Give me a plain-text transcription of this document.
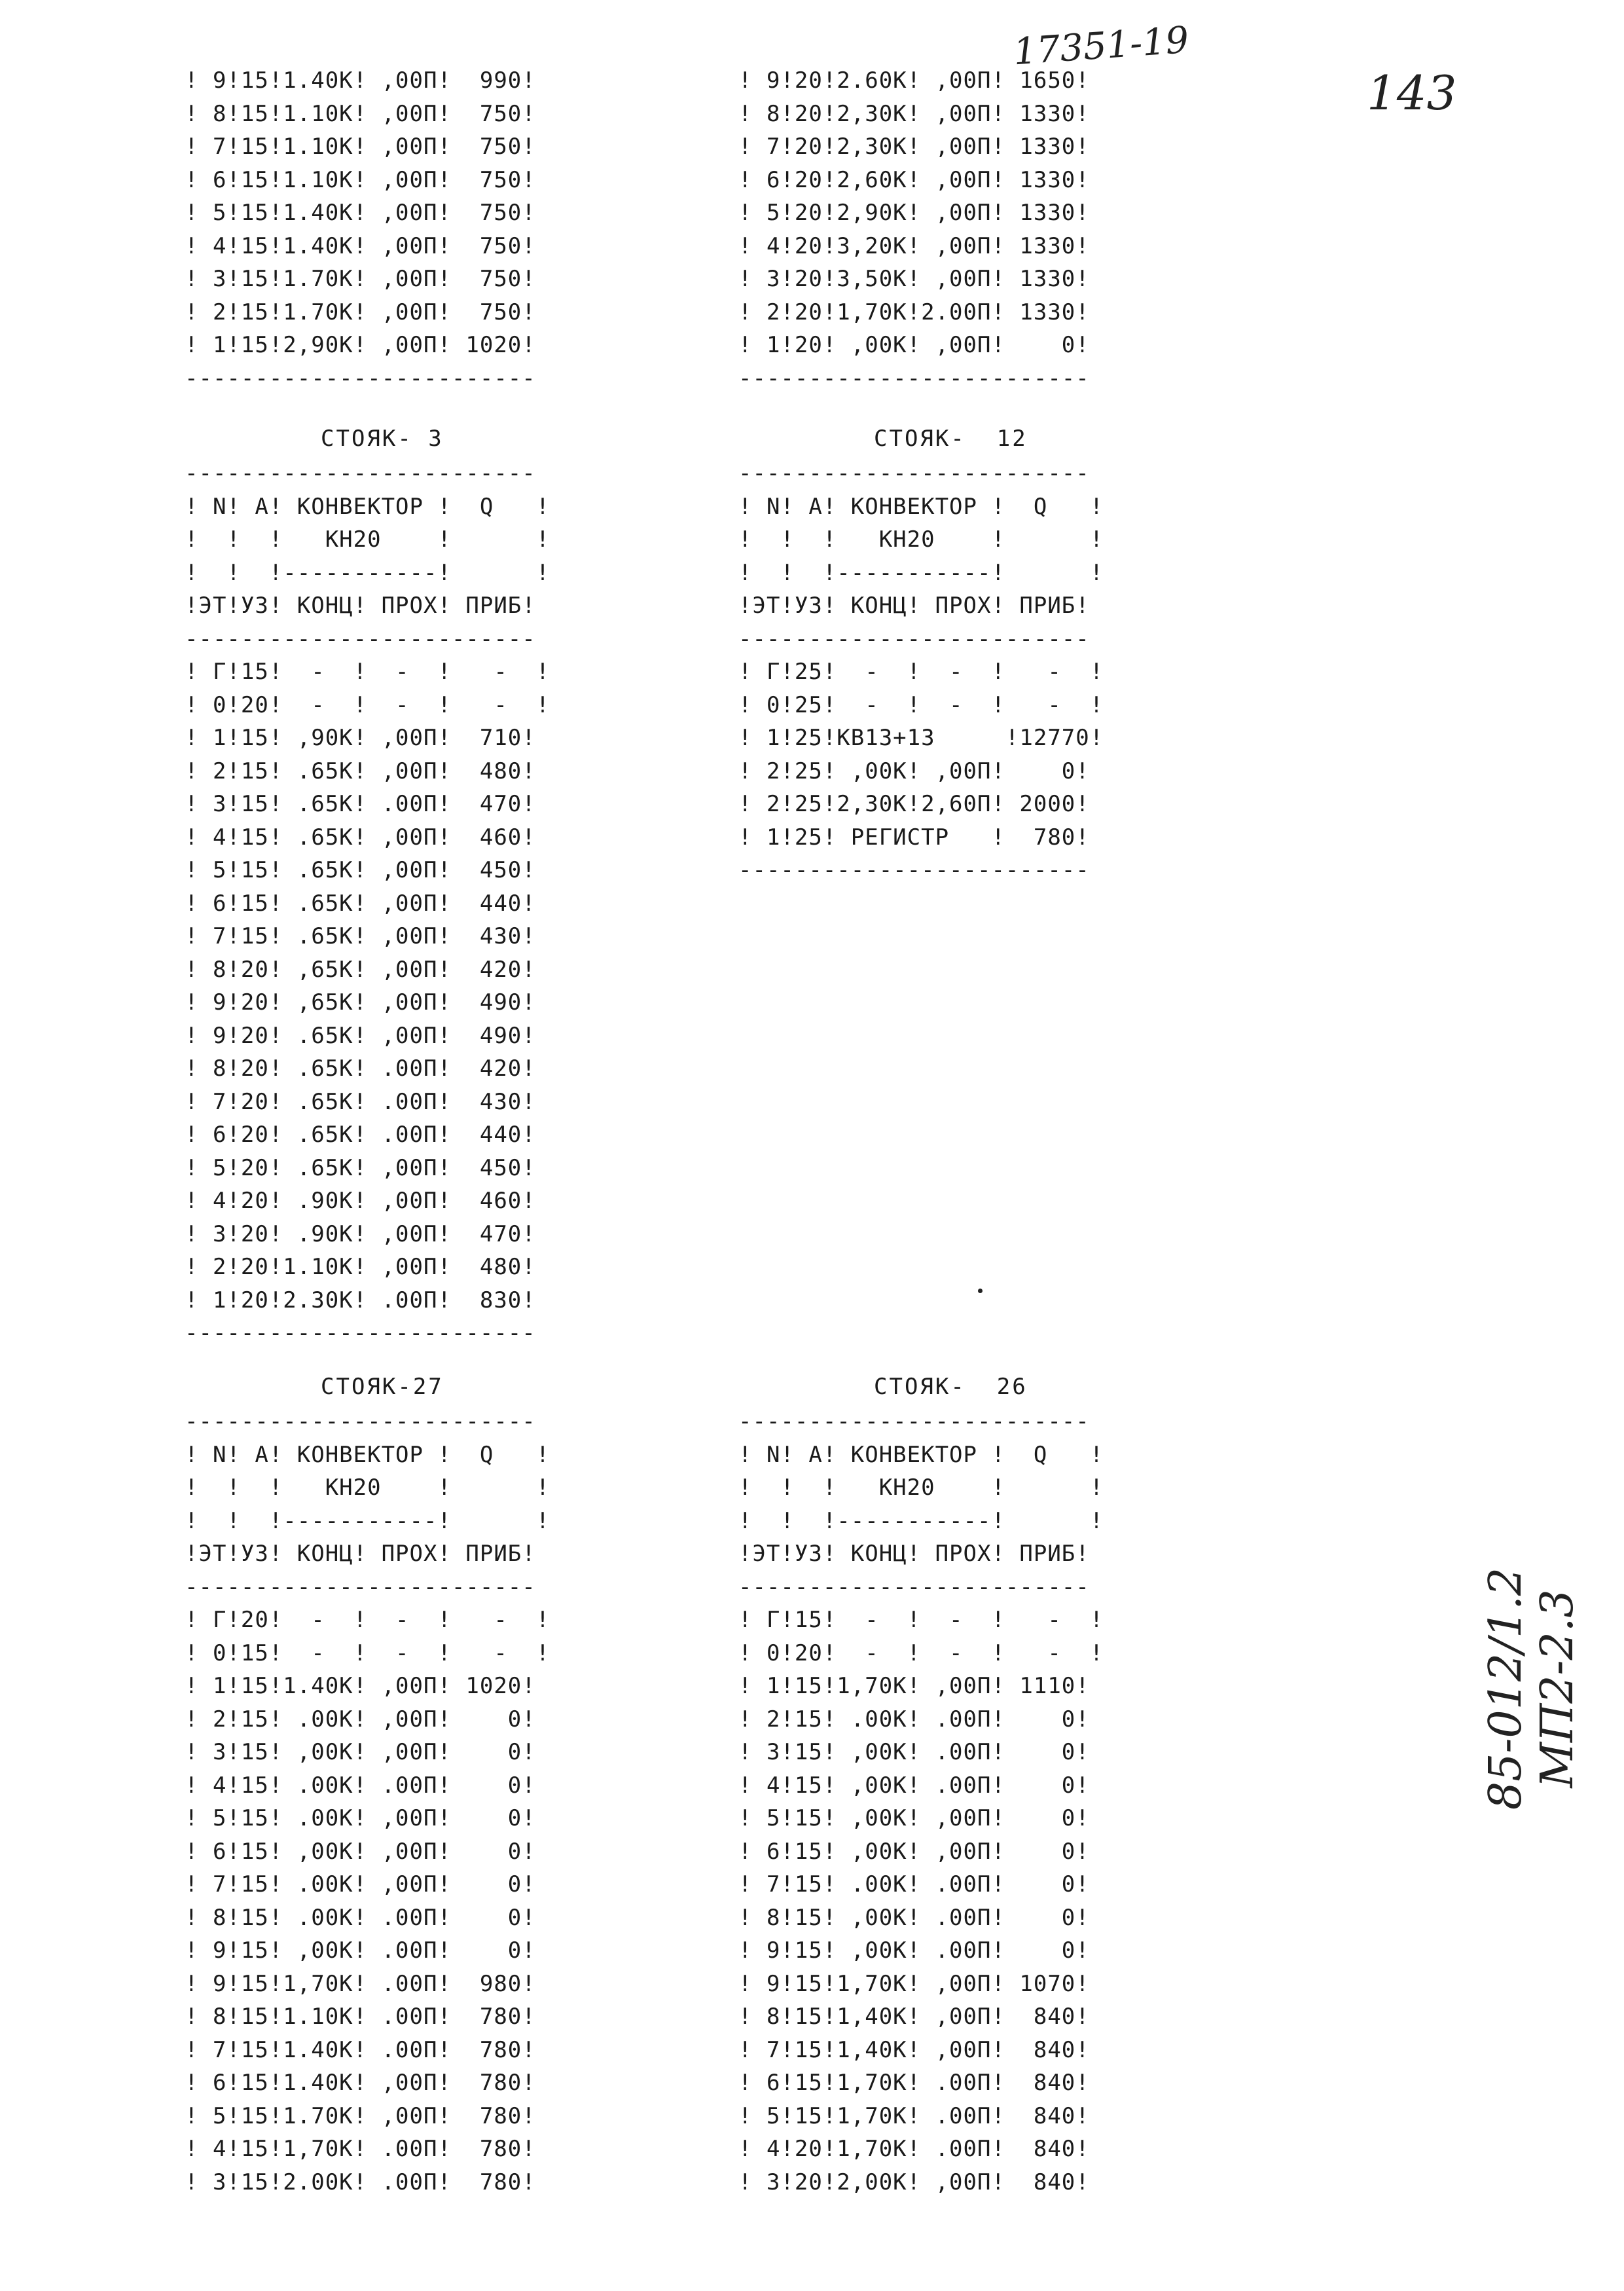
17351-19
143
85-012/1.2 МП2-2.3
! 9!15!1.40К! ,00П!  990!
! 8!15!1.10К! ,00П!  750!
! 7!15!1.10К! ,00П!  750!
! 6!15!1.10К! ,00П!  750!
! 5!15!1.40К! ,00П!  750!
! 4!15!1.40К! ,00П!  750!
! 3!15!1.70К! ,00П!  750!
! 2!15!1.70К! ,00П!  750!
! 1!15!2,90К! ,00П! 1020!
-------------------------
! 9!20!2.60К! ,00П! 1650!
! 8!20!2,30К! ,00П! 1330!
! 7!20!2,30К! ,00П! 1330!
! 6!20!2,60К! ,00П! 1330!
! 5!20!2,90К! ,00П! 1330!
! 4!20!3,20К! ,00П! 1330!
! 3!20!3,50К! ,00П! 1330!
! 2!20!1,70К!2.00П! 1330!
! 1!20! ,00К! ,00П!    0!
-------------------------
СТОЯК- 3
-------------------------
! N! А! КОНВЕКТОР !  Q   !
!  !  !   КН20    !      !
!  !  !-----------!      !
!ЭТ!УЗ! КОНЦ! ПРОХ! ПРИБ!
-------------------------
! Г!15!  -  !  -  !   -  !
! 0!20!  -  !  -  !   -  !
! 1!15! ,90К! ,00П!  710!
! 2!15! .65К! ,00П!  480!
! 3!15! .65К! .00П!  470!
! 4!15! .65К! ,00П!  460!
! 5!15! .65К! ,00П!  450!
! 6!15! .65К! ,00П!  440!
! 7!15! .65К! ,00П!  430!
! 8!20! ,65К! ,00П!  420!
! 9!20! ,65К! ,00П!  490!
! 9!20! .65К! ,00П!  490!
! 8!20! .65К! .00П!  420!
! 7!20! .65К! .00П!  430!
! 6!20! .65К! .00П!  440!
! 5!20! .65К! ,00П!  450!
! 4!20! .90К! ,00П!  460!
! 3!20! .90К! ,00П!  470!
! 2!20!1.10К! ,00П!  480!
! 1!20!2.30К! .00П!  830!
-------------------------
СТОЯК-  12
-------------------------
! N! А! КОНВЕКТОР !  Q   !
!  !  !   КН20    !      !
!  !  !-----------!      !
!ЭТ!УЗ! КОНЦ! ПРОХ! ПРИБ!
-------------------------
! Г!25!  -  !  -  !   -  !
! 0!25!  -  !  -  !   -  !
! 1!25!КВ13+13     !12770!
! 2!25! ,00К! ,00П!    0!
! 2!25!2,30К!2,60П! 2000!
! 1!25! РЕГИСТР   !  780!
-------------------------
СТОЯК-27
-------------------------
! N! А! КОНВЕКТОР !  Q   !
!  !  !   КН20    !      !
!  !  !-----------!      !
!ЭТ!УЗ! КОНЦ! ПРОХ! ПРИБ!
-------------------------
! Г!20!  -  !  -  !   -  !
! 0!15!  -  !  -  !   -  !
! 1!15!1.40К! ,00П! 1020!
! 2!15! .00К! ,00П!    0!
! 3!15! ,00К! ,00П!    0!
! 4!15! .00К! .00П!    0!
! 5!15! .00К! ,00П!    0!
! 6!15! ,00К! ,00П!    0!
! 7!15! .00К! ,00П!    0!
! 8!15! .00К! .00П!    0!
! 9!15! ,00К! .00П!    0!
! 9!15!1,70К! .00П!  980!
! 8!15!1.10К! .00П!  780!
! 7!15!1.40К! .00П!  780!
! 6!15!1.40К! ,00П!  780!
! 5!15!1.70К! ,00П!  780!
! 4!15!1,70К! .00П!  780!
! 3!15!2.00К! .00П!  780!
СТОЯК-  26
-------------------------
! N! А! КОНВЕКТОР !  Q   !
!  !  !   КН20    !      !
!  !  !-----------!      !
!ЭТ!УЗ! КОНЦ! ПРОХ! ПРИБ!
-------------------------
! Г!15!  -  !  -  !   -  !
! 0!20!  -  !  -  !   -  !
! 1!15!1,70К! ,00П! 1110!
! 2!15! .00К! .00П!    0!
! 3!15! ,00К! .00П!    0!
! 4!15! ,00К! .00П!    0!
! 5!15! ,00К! ,00П!    0!
! 6!15! ,00К! ,00П!    0!
! 7!15! .00К! .00П!    0!
! 8!15! ,00К! .00П!    0!
! 9!15! ,00К! .00П!    0!
! 9!15!1,70К! ,00П! 1070!
! 8!15!1,40К! ,00П!  840!
! 7!15!1,40К! ,00П!  840!
! 6!15!1,70К! .00П!  840!
! 5!15!1,70К! .00П!  840!
! 4!20!1,70К! .00П!  840!
! 3!20!2,00К! ,00П!  840!
